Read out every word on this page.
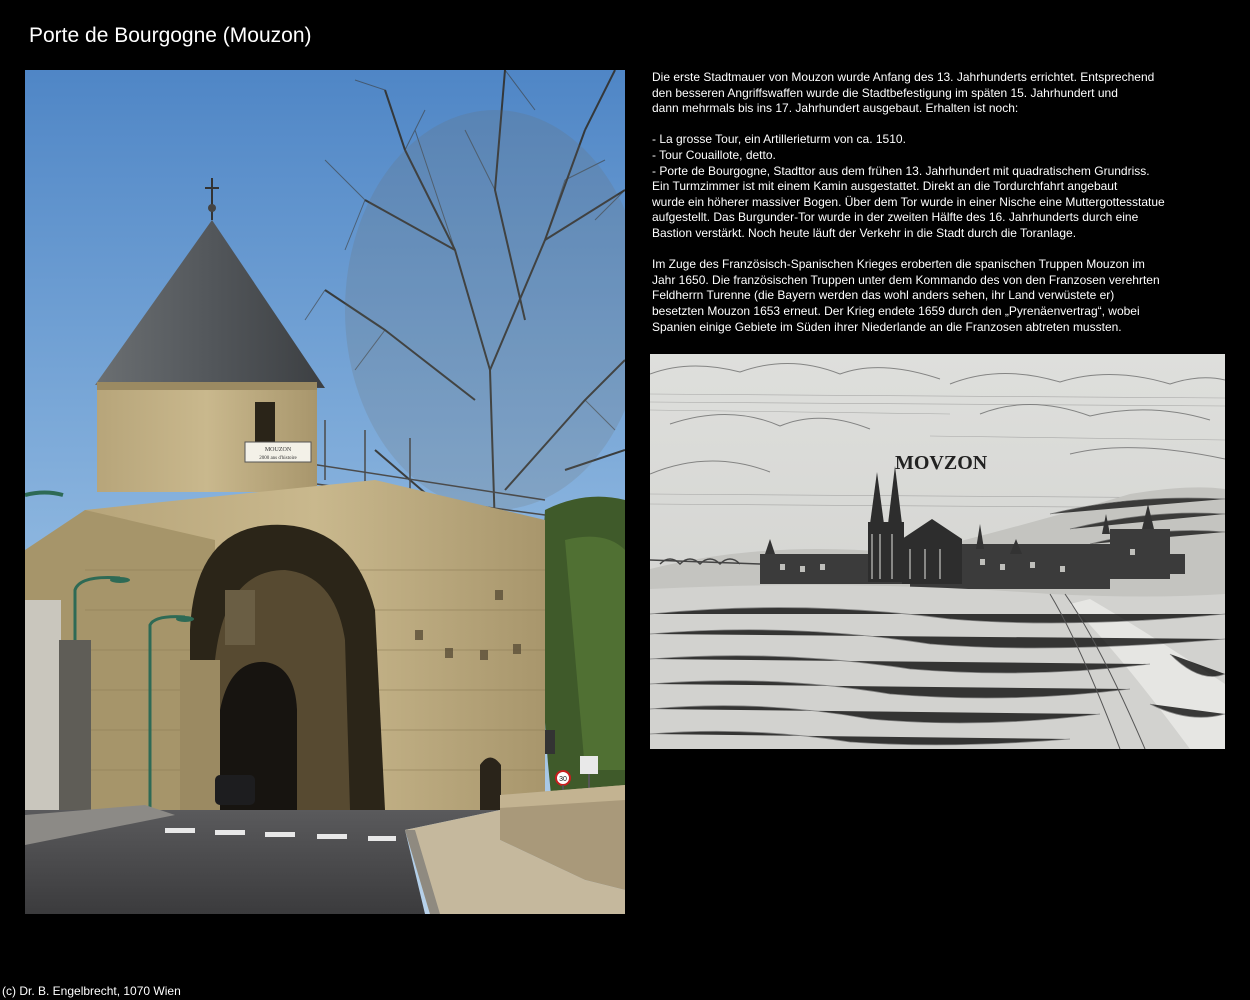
Porte de Bourgogne (Mouzon)
MOUZON
2000 ans d'histoire
30

Die erste Stadtmauer von Mouzon wurde Anfang des 13. Jahrhunderts errichtet. Entsprechend
den besseren Angriffswaffen wurde die Stadtbefestigung im späten 15. Jahrhundert und
dann mehrmals bis ins 17. Jahrhundert ausgebaut. Erhalten ist noch:

- La grosse Tour, ein Artillerieturm von ca. 1510.
- Tour Couaillote, detto.
- Porte de Bourgogne, Stadttor aus dem frühen 13. Jahrhundert mit quadratischem Grundriss.
Ein Turmzimmer ist mit einem Kamin ausgestattet. Direkt an die Tordurchfahrt angebaut
wurde ein höherer massiver Bogen. Über dem Tor wurde in einer Nische eine Muttergottesstatue
aufgestellt. Das Burgunder-Tor wurde in der zweiten Hälfte des 16. Jahrhunderts durch eine
Bastion verstärkt. Noch heute läuft der Verkehr in die Stadt durch die Toranlage.

Im Zuge des Französisch-Spanischen Krieges eroberten die spanischen Truppen Mouzon im
Jahr 1650. Die französischen Truppen unter dem Kommando des von den Franzosen verehrten
Feldherrn Turenne (die Bayern werden das wohl anders sehen, ihr Land verwüstete er)
besetzten Mouzon 1653 erneut. Der Krieg endete 1659 durch den „Pyrenäenvertrag“, wobei
Spanien einige Gebiete im Süden ihrer Niederlande an die Franzosen abtreten mussten.

MOVZON
(c) Dr. B. Engelbrecht, 1070 Wien
